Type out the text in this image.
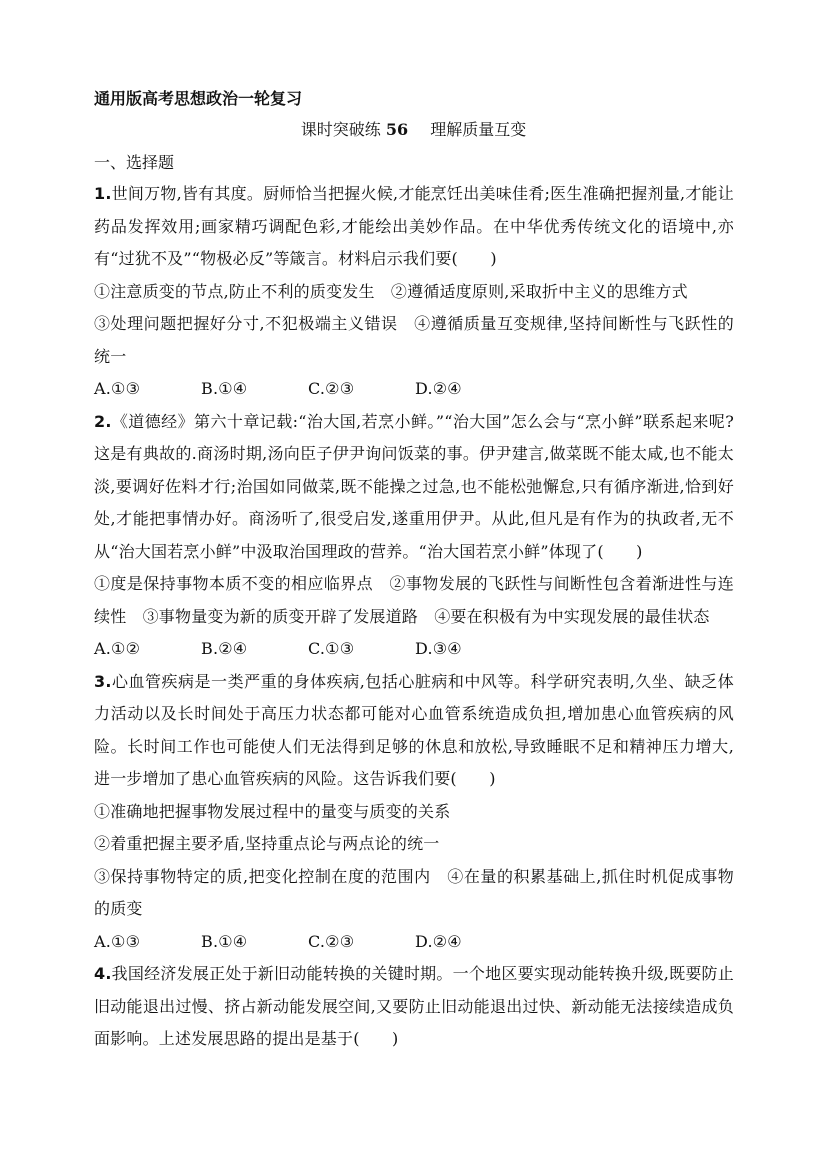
通用版高考思想政治一轮复习
课时突破练 56 理解质量互变
一、选择题

1.世间万物,皆有其度。厨师恰当把握火候,才能烹饪出美味佳肴;医生准确把握剂量,才能让药品发挥效用;画家精巧调配色彩,才能绘出美妙作品。在中华优秀传统文化的语境中,亦有“过犹不及”“物极必反”等箴言。材料启示我们要(　　)

①注意质变的节点,防止不利的质变发生　②遵循适度原则,采取折中主义的思维方式

③处理问题把握好分寸,不犯极端主义错误　④遵循质量互变规律,坚持间断性与飞跃性的统一

A.①③	B.①④	C.②③	D.②④

2.《道德经》第六十章记载:“治大国,若烹小鲜。”“治大国”怎么会与“烹小鲜”联系起来呢?这是有典故的.商汤时期,汤向臣子伊尹询问饭菜的事。伊尹建言,做菜既不能太咸,也不能太淡,要调好佐料才行;治国如同做菜,既不能操之过急,也不能松弛懈怠,只有循序渐进,恰到好处,才能把事情办好。商汤听了,很受启发,遂重用伊尹。从此,但凡是有作为的执政者,无不从“治大国若烹小鲜”中汲取治国理政的营养。“治大国若烹小鲜”体现了(　　)

①度是保持事物本质不变的相应临界点　②事物发展的飞跃性与间断性包含着渐进性与连续性　③事物量变为新的质变开辟了发展道路　④要在积极有为中实现发展的最佳状态

A.①②	B.②④	C.①③	D.③④

3.心血管疾病是一类严重的身体疾病,包括心脏病和中风等。科学研究表明,久坐、缺乏体力活动以及长时间处于高压力状态都可能对心血管系统造成负担,增加患心血管疾病的风险。长时间工作也可能使人们无法得到足够的休息和放松,导致睡眠不足和精神压力增大,进一步增加了患心血管疾病的风险。这告诉我们要(　　)

①准确地把握事物发展过程中的量变与质变的关系

②着重把握主要矛盾,坚持重点论与两点论的统一

③保持事物特定的质,把变化控制在度的范围内　④在量的积累基础上,抓住时机促成事物的质变

A.①③	B.①④	C.②③	D.②④

4.我国经济发展正处于新旧动能转换的关键时期。一个地区要实现动能转换升级,既要防止旧动能退出过慢、挤占新动能发展空间,又要防止旧动能退出过快、新动能无法接续造成负面影响。上述发展思路的提出是基于(　　)
